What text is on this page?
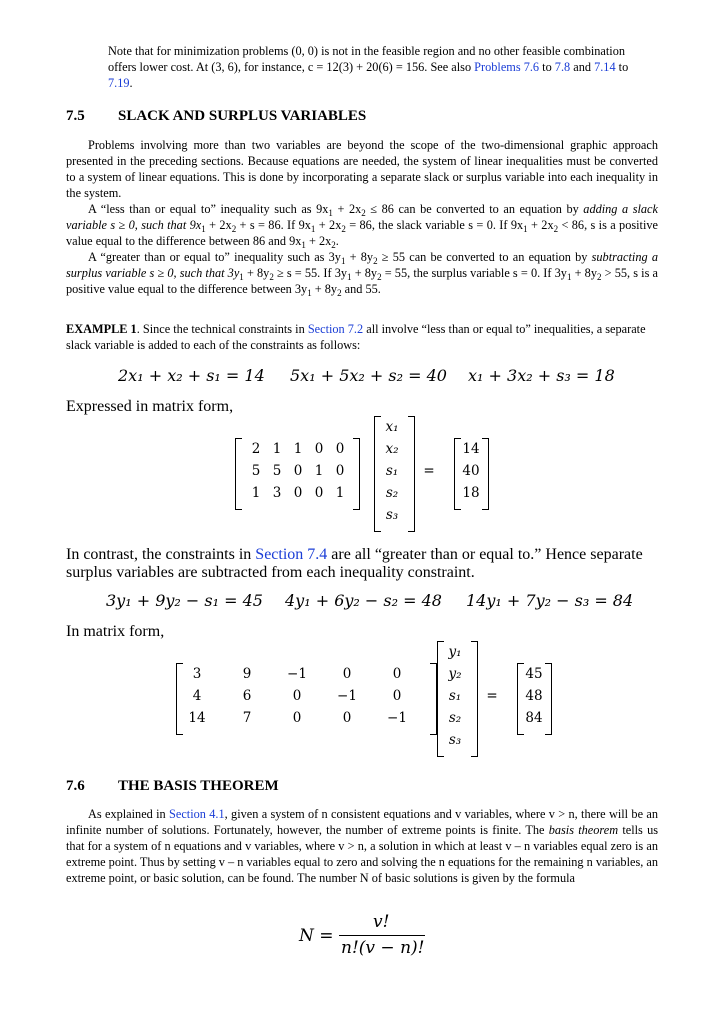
Note that for minimization problems (0, 0) is not in the feasible region and no other feasible combination offers lower cost. At (3, 6), for instance, c = 12(3) + 20(6) = 156. See also Problems 7.6 to 7.8 and 7.14 to 7.19.
7.5 SLACK AND SURPLUS VARIABLES

Problems involving more than two variables are beyond the scope of the two-dimensional graphic approach presented in the preceding sections. Because equations are needed, the system of linear inequalities must be converted to a system of linear equations. This is done by incorporating a separate slack or surplus variable into each inequality in the system.

A “less than or equal to” inequality such as $9x_1 + 2x_2 \le 86$ can be converted to an equation by adding a slack variable s ≥ 0, such that $9x_1 + 2x_2 + s = 86$. If $9x_1 + 2x_2 = 86$, the slack variable s = 0. If $9x_1 + 2x_2 < 86$, s is a positive value equal to the difference between 86 and $9x_1 + 2x_2$.

A “greater than or equal to” inequality such as $3y_1 + 8y_2 \ge 55$ can be converted to an equation by subtracting a surplus variable s ≥ 0, such that $3y_1 + 8y_2 \ge s = 55$. If $3y_1 + 8y_2 = 55$, the surplus variable s = 0. If $3y_1 + 8y_2 > 55$, s is a positive value equal to the difference between $3y_1 + 8y_2$ and 55.

EXAMPLE 1. Since the technical constraints in Section 7.2 all involve “less than or equal to” inequalities, a separate slack variable is added to each of the constraints as follows:

2x₁ + x₂ + s₁ = 14 5x₁ + 5x₂ + s₂ = 40 x₁ + 3x₂ + s₃ = 18
Expressed in matrix form,
2 1 1 0 0
5 5 0 1 0
1 3 0 0 1
x₁
x₂
s₁
s₂
s₃
=
14
40
18
In contrast, the constraints in Section 7.4 are all “greater than or equal to.” Hence separate surplus variables are subtracted from each inequality constraint.
3y₁ + 9y₂ − s₁ = 45 4y₁ + 6y₂ − s₂ = 48 14y₁ + 7y₂ − s₃ = 84
In matrix form,
3	9	−1	0	0
4	6	0	−1	0
14	7	0	0	−1
y₁
y₂
s₁
s₂
s₃
=
45
48
84
7.6 THE BASIS THEOREM

As explained in Section 4.1, given a system of n consistent equations and v variables, where v > n, there will be an infinite number of solutions. Fortunately, however, the number of extreme points is finite. The basis theorem tells us that for a system of n equations and v variables, where v > n, a solution in which at least v – n variables equal zero is an extreme point. Thus by setting v – n variables equal to zero and solving the n equations for the remaining n variables, an extreme point, or basic solution, can be found. The number N of basic solutions is given by the formula

N =
v!
n!(v − n)!
